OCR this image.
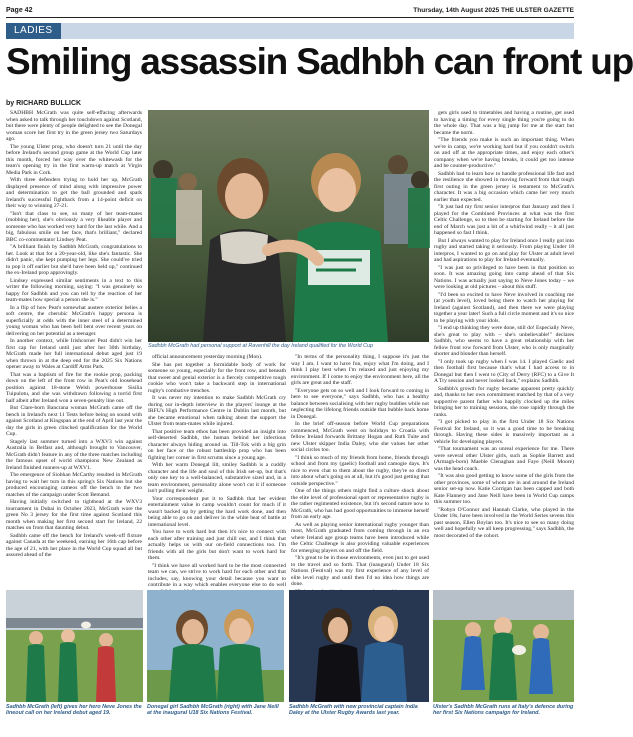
Page 42	Thursday, 14th August 2025 THE ULSTER GAZETTE
LADIES
Smiling assassin Sadhbh can front up
by RICHARD BULLICK

SADHBH McGrath was quite self-effacing afterwards when asked to talk through her touchdown against Scotland, but there were plenty of people delighted to see the Donegal woman score her first try in the green jersey two Saturdays ago.

The young Ulster prop, who doesn't turn 21 until the day before Ireland's second group game at the World Cup later this month, forced her way over the whitewash for the team's opening try in the first warm-up match at Virgin Media Park in Cork.

With three defenders trying to hold her up, McGrath displayed presence of mind along with impressive power and determination to get the ball grounded and spark Ireland's successful fightback from a 14-point deficit on their way to winning 27-21.

"Isn't that class to see, so many of her team-mates (mobbing her), she's obviously a very likeable player and someone who has worked very hard for the last while. And a big, fabulous smile on her face, that's brilliant," declared BBC co-commentator Lindsey Peat.

"A brilliant finish by Sadhbh McGrath, congratulations to her. Look at that for a 20-year-old, like she's fantastic. She didn't panic, she kept pumping her legs. She could've tried to pop it off earlier but she'd have been held up," continued the ex-Ireland prop approvingly.

Lindsey expressed similar sentiments in a text to this writer the following morning, saying: "I was genuinely so happy for Sadhbh and you can tell by the reaction of her team-mates how special a person she is."

In a flip of how Peat's somewhat austere exterior belies a soft centre, the cherubic McGrath's happy persona is superficially at odds with the inner steel of a determined young woman who has been hell bent over recent years on delivering on her potential as a teenager.

In another context, while Irishcorner Peat didn't win her first cap for Ireland until just after her 30th birthday, McGrath made her full international debut aged just 19 when thrown in at the deep end for the 2025 Six Nations opener away to Wales at Cardiff Arms Park.

That was a baptism of fire for the rookie prop, packing down on the left of the front row in Peat's old loosehead position against 18-stone Welsh powerhouse Sisilia Tuipulotu, and she was withdrawn following a torrid first half albeit after Ireland won a seven-penalty line out.

But Clare-born Bancrana woman McGrath came off the bench in Ireland's next 11 Tests before being on sound with against Scotland at Kingspan at the end of April last year the day the girls in green clinched qualification for the World Cup.

Stagely last summer turned into a WXV3 win against Australia in Belfast and, although brought to Vancouver, McGrath didn't feature in any of the three matches including the famous upset of world champions New Zealand as Ireland finished runners-up at WXV1.

The emergence of Siobhan McCarthy resulted in McGrath having to wait her turn in this spring's Six Nations but she produced encouraging cameos off the bench in the two matches of the campaign under Scott Bemand.

Having initially switched to tighthead at the WXV3 tournament in Dubai in October 2023, McGrath wore the green No 3 jersey for the first time against Scotland this month when making her first second start for Ireland, 22 matches on from that daunting debut.

Sadhbh came off the bench for Ireland's week-off fixture against Canada at the weekend, earning her 16th cap before the age of 21, with her place in the World Cup squad all but assured ahead of the

official announcement yesterday morning (Mon).

She has put together a formidable body of work for someone so young, especially for the front row, and beneath that sweet and genial exterior is a fiercely competitive tough cookie who won't take a backward step in international rugby's combative trenches.

It was never my intention to make Sadhbh McGrath cry during our in-depth interview in the players' lounge at the IRFU's High Performance Centre in Dublin last month, but she became emotional when talking about the support the Ulster from team-mates while injured.

That positive team ethos has been provided an insight into self-deserted Sadhbh, the human behind her infectious character always hiding around us. Till-Tok with a big grin on her face or the robust battleship prop who has been fighting her corner in first scrums since a young age.

With her warm Donegal lilt, smiley Sadhbh is a cuddly character and the life and soul of this Irish set-up, but that's only one key to a well-balanced, substantive sized and, in a team environment, personality alone won't cut it if someone isn't pulling their weight.

Your correspondent put it to Sadhbh that her evident entertainment value in camp wouldn't count for much if it wasn't backed up by getting the hard work done, and then being able to go on and deliver in the white heat of battle at international level.

You have to work hard but then it's nice to connect with each other after training and just chill out, and I think that actually helps us with our on-field connections too. I'm friends with all the girls but don't want to work hard for them.

"I think we have all worked hard to be the most connected team we can, we strive to work hard for each other and that includes, say, knowing your detail because you want to contribute in a way which enables everyone else to do well

"In terms of the personality thing, I suppose it's just the way I am. I want to have fun, enjoy what I'm doing, and I think I play best when I'm relaxed and just enjoying my environment. If I come to enjoy the environment here, all the girls are great and the staff.

"Everyone gets on so well and I look forward to coming in here to see everyone," says Sadhbh, who has a healthy balance between socialising with her rugby buddies while not neglecting the lifelong friends outside that bubble back home in Donegal.

In the brief off-season before World Cup preparations commenced, McGrath went on holidays to Croatia with fellow Ireland forwards Brittany Hogan and Ruth Tuite and new Ulster skipper India Daley, who she values her other social circles too.

"I think so much of my friends from home, friends through school and from my (gaelic) football and camogie days. It's nice to even chat to them about the rugby, they're so direct into about what's going on at all, but it's good just getting that outside perspective."

One of the things others might find a culture shock about the elite level of professional sport or representative rugby is the rather regimented existence, but it's second nature now to McGrath, who has had good opportunities to immerse herself from an early age.

As well as playing senior international rugby younger than most, McGrath graduated from coming through in an era where Ireland age group teams have been introduced while the Celtic Challenge is also providing valuable experiences for emerging players on and off the field.

"It's great to be in those environments, even just to get used to the travel and so forth. That (inaugural) Under 18 Six Nations (Festival) was my first experience of any level of elite level rugby and until then I'd no idea how things are done.

gets girls used to timetables and having a routine, get used to having a timing for every single thing you're going to do the whole day. That was a big jump for me at the start but became the norm.

"The friends you make is such an important thing. When we're in camp, we're working hard but if you couldn't switch on and off at the appropriate times, and enjoy each other's company when we're having breaks, it could get too intense and be counter-productive."

Sadhbh had to learn how to handle professional life fast and the resilience she showed in moving forward from that tough first outing in the green jersey is testament to McGrath's character. It was a big occasion which came her very much earlier than expected.

"It just had my first senior interpros that January and then I played for the Combined Provinces at what was the first Celtic Challenge, so to then be starting for Ireland before the end of March was just a bit of a whirlwind really – it all just happened so fast I think.

But I always wanted to play for Ireland once I really got into rugby and started taking it seriously. From playing Under 18 interpros, I wanted to go on and play for Ulster at adult level and had aspirations to play for Ireland eventually.

"I was just so privileged to have been in that position so soon. It was amazing going into camp ahead of that Six Nations. I was actually just saying to Neve Jones today – we were looking at old pictures – about this stuff.

"I'd been so excited to have Neve involved in coaching me (at youth level), loved being there to watch her playing for Ireland (against Scotland), and then there we were playing together a year later! Such a full circle moment and it's so nice to be playing with your idols.

"I end up thinking they were done, still do! Especially Neve, she's great to play with – she's unbelievable!" declares Sadhbh, who seems to have a great relationship with her fellow front row forward from Ulster, who is only marginally shorter and blonder than herself.

"I only took up rugby when I was 14. I played Gaelic and then football first because that's what I had access to in Donegal but then I went to (City of Derry (RFC) to a Give It A Try session and never looked back," explains Sadhbh.

Sadhbh's growth for rugby became apparent pretty quickly and, thanks to her own commitment matched by that of a very supportive parent father who happily clocked up the miles bringing her to training sessions, she rose rapidly through the ranks.

"I got picked to play in the first Under 18 Six Nations Festival for Ireland, so it was a good time to be breaking through. Having these sides is massively important as a vehicle for developing players.

"That tournament was an unreal experience for me. There were several other Ulster girls, such as Sophie Barrett and (Armagh-born) Maeble Clenaghan and Faye (Neill Moore) was the head coach.

"It was also good getting to know some of the girls from the other provinces, some of whom are in and around the Ireland senior set-up now. Katie Corrigan has been capped and both Kate Flannery and Jane Neill have been in World Cup camps this summer too.

"Robyn O'Connor and Hannah Clarke, who played in the Under 18s, have been involved in the World Series sevens this past season, Ellen Boylan too. It's nice to see so many doing well and hopefully we all keep progressing," says Sadhbh, the most decorated of the cohort.

Sadhbh McGrath had personal support at Ravenhill the day Ireland qualified for the World Cup
Sadhbh McGrath (left) gives her hero Neve Jones the lineout call on her Ireland debut aged 19.
Donegal girl Sadhbh McGrath (right) with Jane Neill at the inaugural U18 Six Nations Festival.
Sadhbh McGrath with new provincial captain India Daley at the Ulster Rugby Awards last year.
Ulster's Sadhbh McGrath runs at Italy's defence during her first Six Nations campaign for Ireland.
